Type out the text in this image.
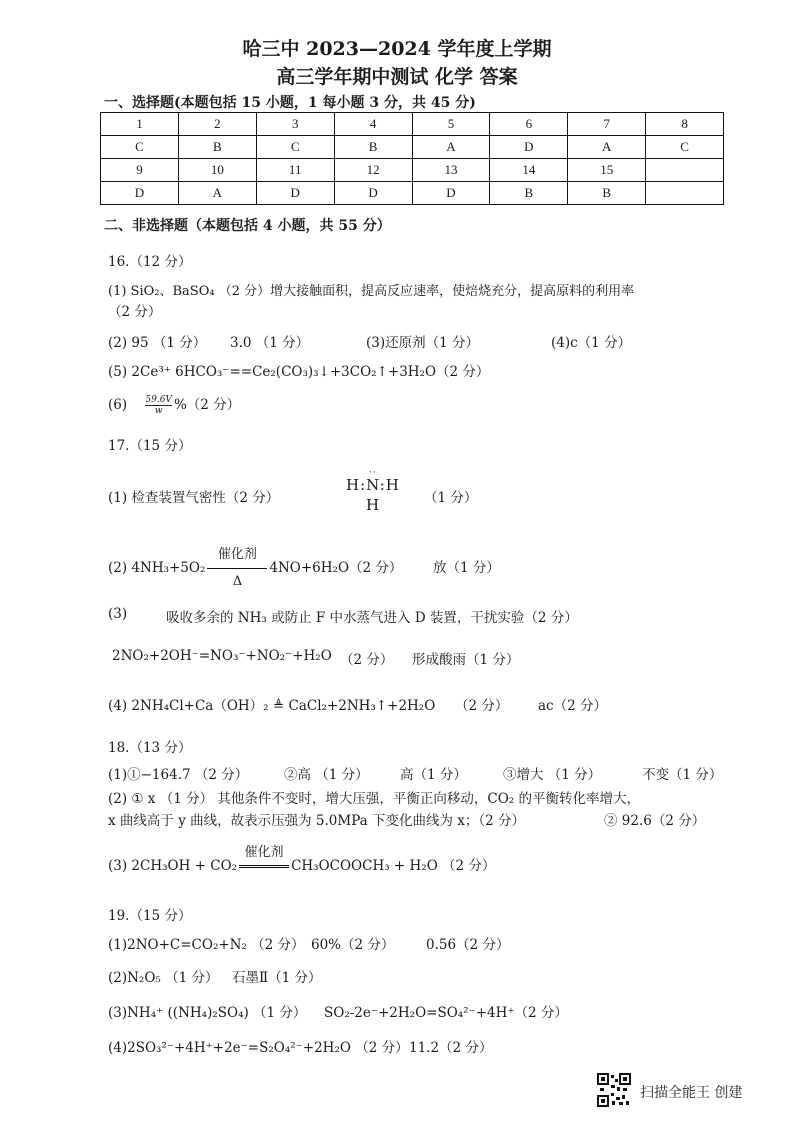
哈三中 2023—2024 学年度上学期
高三学年期中测试 化学 答案
一、选择题(本题包括 15 小题，1 每小题 3 分，共 45 分)
1	2	3	4	5	6	7	8
C	B	C	B	A	D	A	C
9	10	11	12	13	14	15	
D	A	D	D	D	B	B	
二、非选择题（本题包括 4 小题，共 55 分）
16.（12 分）
(1) SiO₂、BaSO₄ （2 分）增大接触面积，提高反应速率，使焙烧充分，提高原料的利用率
（2 分）
(2) 95 （1 分） 3.0 （1 分）	(3)还原剂（1 分）	(4)c（1 分）
(5) 2Ce³⁺ 6HCO₃⁻==Ce₂(CO₃)₃↓+3CO₂↑+3H₂O（2 分）
$(6) \frac{59.6V}{w} \%(2$ 分）
17.（15 分）
(1) 检查装置气密性（2 分）
H:N:H
··
H	（1 分）
(2) 4NH₃+5O₂
催化剂
Δ
4NO+6H₂O（2 分） 放（1 分）
(3)	吸收多余的 NH₃ 或防止 F 中水蒸气进入 D 装置，干扰实验（2 分）
2NO₂+2OH⁻=NO₃⁻+NO₂⁻+H₂O （2 分） 形成酸雨（1 分）
(4) 2NH₄Cl+Ca（OH）₂ ≜ CaCl₂+2NH₃↑+2H₂O （2 分） ac（2 分）
18.（13 分）
(1)①−164.7 （2 分）	②高 （1 分） 高（1 分）	③增大 （1 分）	不变（1 分）
(2) ① x （1 分） 其他条件不变时，增大压强，平衡正向移动，CO₂ 的平衡转化率增大，
x 曲线高于 y 曲线，故表示压强为 5.0MPa 下变化曲线为 x；（2 分）	② 92.6（2 分）
(3) 2CH₃OH + CO₂
催化剂
CH₃OCOOCH₃ + H₂O （2 分）
19.（15 分）
(1)2NO+C=CO₂+N₂ （2 分） 60%（2 分） 0.56（2 分）
(2)N₂O₅ （1 分） 石墨Ⅱ（1 分）
(3)NH₄⁺ ((NH₄)₂SO₄) （1 分） SO₂-2e⁻+2H₂O=SO₄²⁻+4H⁺（2 分）
(4)2SO₃²⁻+4H⁺+2e⁻=S₂O₄²⁻+2H₂O （2 分） 11.2（2 分）
扫描全能王 创建
